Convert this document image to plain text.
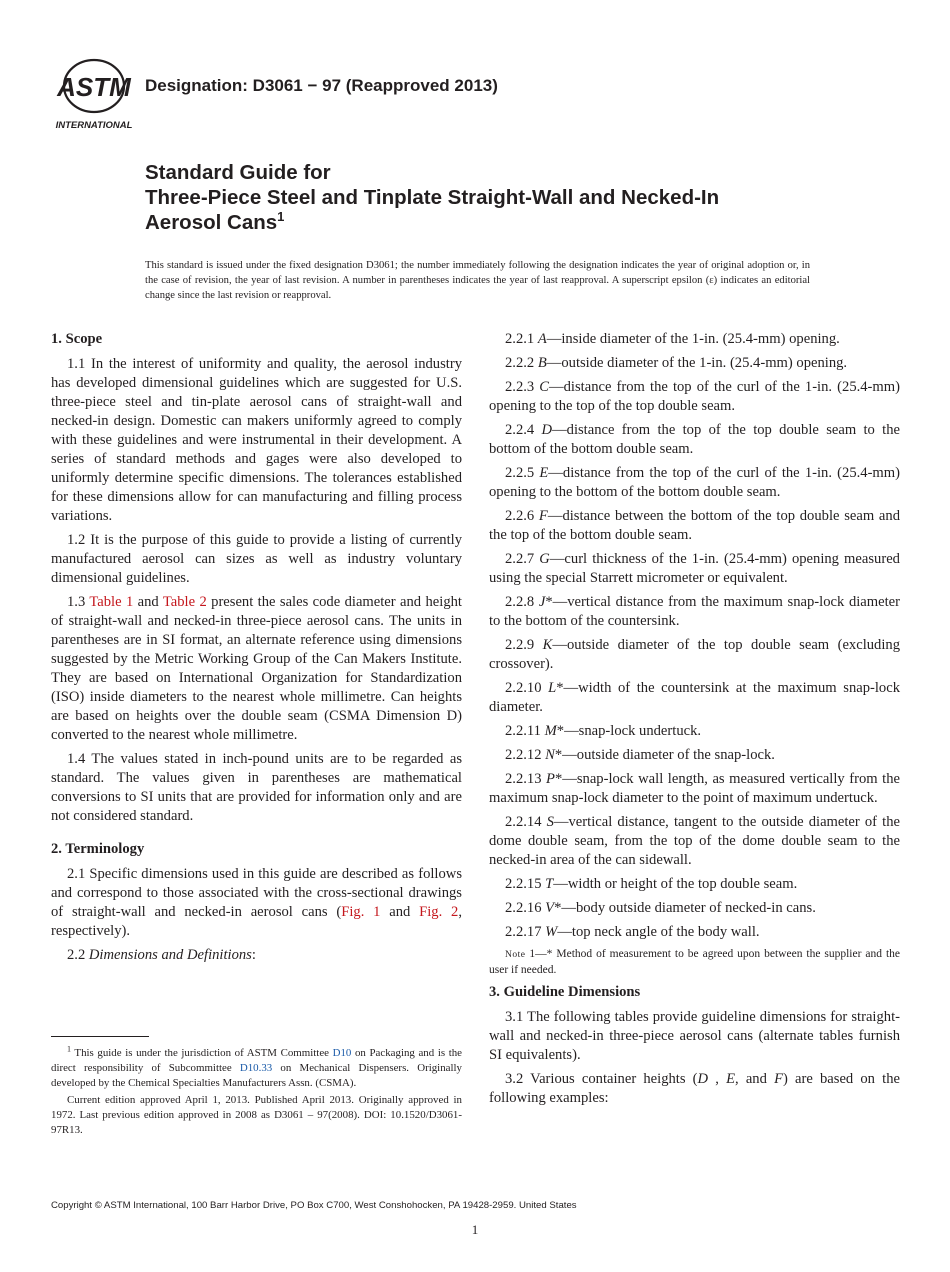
ASTM
INTERNATIONAL
Designation: D3061 − 97 (Reapproved 2013)
Standard Guide for
Three-Piece Steel and Tinplate Straight-Wall and Necked-In
Aerosol Cans$^1$
This standard is issued under the fixed designation D3061; the number immediately following the designation indicates the year of original adoption or, in the case of revision, the year of last revision. A number in parentheses indicates the year of last reapproval. A superscript epsilon (ε) indicates an editorial change since the last revision or reapproval.
1. Scope

1.1 In the interest of uniformity and quality, the aerosol industry has developed dimensional guidelines which are suggested for U.S. three-piece steel and tin-plate aerosol cans of straight-wall and necked-in design. Domestic can makers uniformly agreed to comply with these guidelines and were instrumental in their development. A series of standard methods and gages were also developed to uniformly determine specific dimensions. The tolerances established for these dimensions allow for can manufacturing and filling process variations.

1.2 It is the purpose of this guide to provide a listing of currently manufactured aerosol can sizes as well as industry voluntary dimensional guidelines.

1.3 Table 1 and Table 2 present the sales code diameter and height of straight-wall and necked-in three-piece aerosol cans. The units in parentheses are in SI format, an alternate reference using dimensions suggested by the Metric Working Group of the Can Makers Institute. They are based on International Organization for Standardization (ISO) inside diameters to the nearest whole millimetre. Can heights are based on heights over the double seam (CSMA Dimension D) converted to the nearest whole millimetre.

1.4 The values stated in inch-pound units are to be regarded as standard. The values given in parentheses are mathematical conversions to SI units that are provided for information only and are not considered standard.

2. Terminology

2.1 Specific dimensions used in this guide are described as follows and correspond to those associated with the cross-sectional drawings of straight-wall and necked-in aerosol cans (Fig. 1 and Fig. 2, respectively).

2.2 Dimensions and Definitions:

2.2.1 A—inside diameter of the 1-in. (25.4-mm) opening.

2.2.2 B—outside diameter of the 1-in. (25.4-mm) opening.

2.2.3 C—distance from the top of the curl of the 1-in. (25.4-mm) opening to the top of the top double seam.

2.2.4 D—distance from the top of the top double seam to the bottom of the bottom double seam.

2.2.5 E—distance from the top of the curl of the 1-in. (25.4-mm) opening to the bottom of the bottom double seam.

2.2.6 F—distance between the bottom of the top double seam and the top of the bottom double seam.

2.2.7 G—curl thickness of the 1-in. (25.4-mm) opening measured using the special Starrett micrometer or equivalent.

2.2.8 J*—vertical distance from the maximum snap-lock diameter to the bottom of the countersink.

2.2.9 K—outside diameter of the top double seam (excluding crossover).

2.2.10 L*—width of the countersink at the maximum snap-lock diameter.

2.2.11 M*—snap-lock undertuck.

2.2.12 N*—outside diameter of the snap-lock.

2.2.13 P*—snap-lock wall length, as measured vertically from the maximum snap-lock diameter to the point of maximum undertuck.

2.2.14 S—vertical distance, tangent to the outside diameter of the dome double seam, from the top of the dome double seam to the necked-in area of the can sidewall.

2.2.15 T—width or height of the top double seam.

2.2.16 V*—body outside diameter of necked-in cans.

2.2.17 W—top neck angle of the body wall.

Note 1—* Method of measurement to be agreed upon between the supplier and the user if needed.

3. Guideline Dimensions

3.1 The following tables provide guideline dimensions for straight-wall and necked-in three-piece aerosol cans (alternate tables furnish SI equivalents).

3.2 Various container heights (D , E, and F) are based on the following examples:

$^1$ This guide is under the jurisdiction of ASTM Committee D10 on Packaging and is the direct responsibility of Subcommittee D10.33 on Mechanical Dispensers. Originally developed by the Chemical Specialties Manufacturers Assn. (CSMA).

Current edition approved April 1, 2013. Published April 2013. Originally approved in 1972. Last previous edition approved in 2008 as D3061 – 97(2008). DOI: 10.1520/D3061-97R13.

Copyright © ASTM International, 100 Barr Harbor Drive, PO Box C700, West Conshohocken, PA 19428-2959. United States
1
